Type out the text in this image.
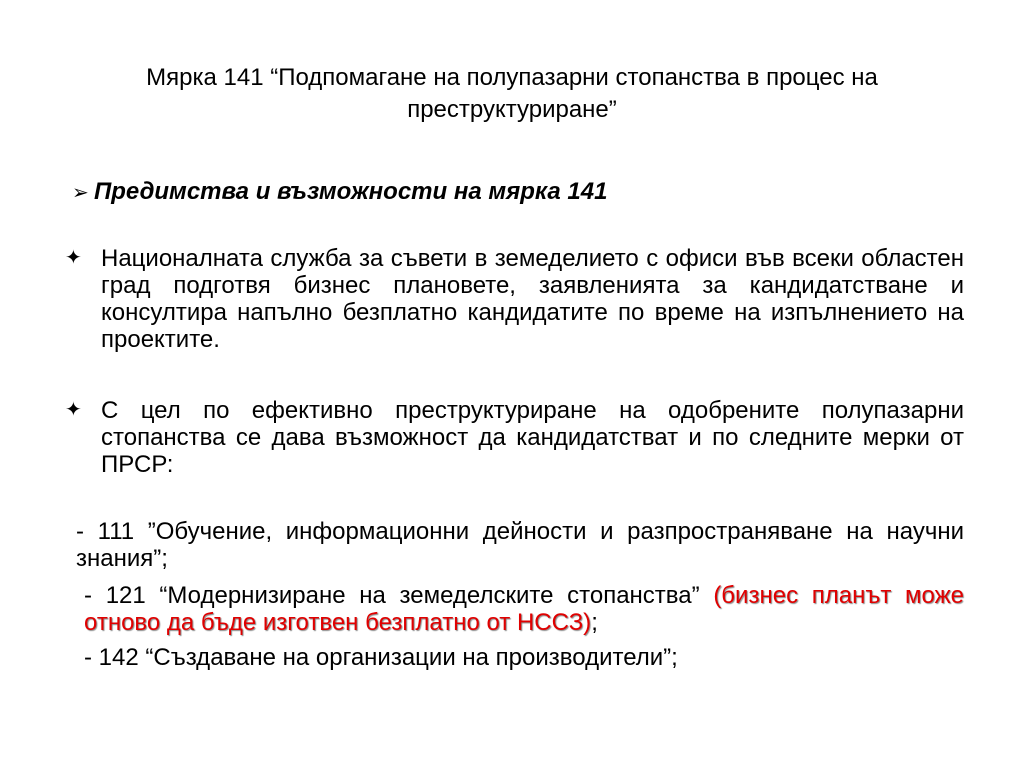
Мярка 141 “Подпомагане на полупазарни стопанства в процес на преструктуриране”
➢ Предимства и възможности на мярка 141
✦ Националната служба за съвети в земеделието с офиси във всеки областен град подготвя бизнес плановете, заявленията за кандидатстване и консултира напълно безплатно кандидатите по време на изпълнението на проектите.
✦ С цел по ефективно преструктуриране на одобрените полупазарни стопанства се дава възможност да кандидатстват и по следните мерки от ПРСР:
- 111 ”Обучение, информационни дейности и разпространяване на научни знания”;
- 121 “Модернизиране на земеделските стопанства” (бизнес планът може отново да бъде изготвен безплатно от НССЗ);
- 142 “Създаване на организации на производители”;
